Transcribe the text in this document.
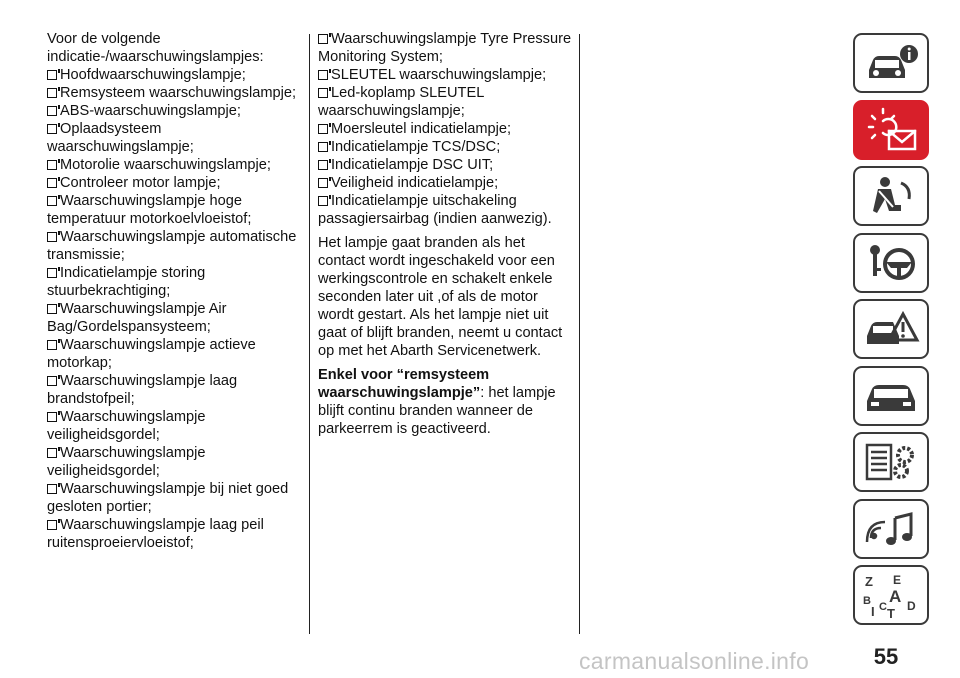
Voor de volgende
indicatie-/waarschuwingslampjes:
Hoofdwaarschuwingslampje;
Remsysteem waarschuwingslampje;
ABS-waarschuwingslampje;
Oplaadsysteem
waarschuwingslampje;
Motorolie waarschuwingslampje;
Controleer motor lampje;
Waarschuwingslampje hoge
temperatuur motorkoelvloeistof;
Waarschuwingslampje automatische
transmissie;
Indicatielampje storing
stuurbekrachtiging;
Waarschuwingslampje Air
Bag/Gordelspansysteem;
Waarschuwingslampje actieve
motorkap;
Waarschuwingslampje laag
brandstofpeil;
Waarschuwingslampje
veiligheidsgordel;
Waarschuwingslampje
veiligheidsgordel;
Waarschuwingslampje bij niet goed
gesloten portier;
Waarschuwingslampje laag peil
ruitensproeiervloeistof;
Waarschuwingslampje Tyre Pressure
Monitoring System;
SLEUTEL waarschuwingslampje;
Led-koplamp SLEUTEL
waarschuwingslampje;
Moersleutel indicatielampje;
Indicatielampje TCS/DSC;
Indicatielampje DSC UIT;
Veiligheid indicatielampje;
Indicatielampje uitschakeling
passagiersairbag (indien aanwezig).
Het lampje gaat branden als het
contact wordt ingeschakeld voor een
werkingscontrole en schakelt enkele
seconden later uit ,of als de motor
wordt gestart. Als het lampje niet uit
gaat of blijft branden, neemt u contact
op met het Abarth Servicenetwerk.
Enkel voor “remsysteem
waarschuwingslampje”: het lampje
blijft continu branden wanneer de
parkeerrem is geactiveerd.
Z E
B A D
I C T
55
carmanualsonline.info
